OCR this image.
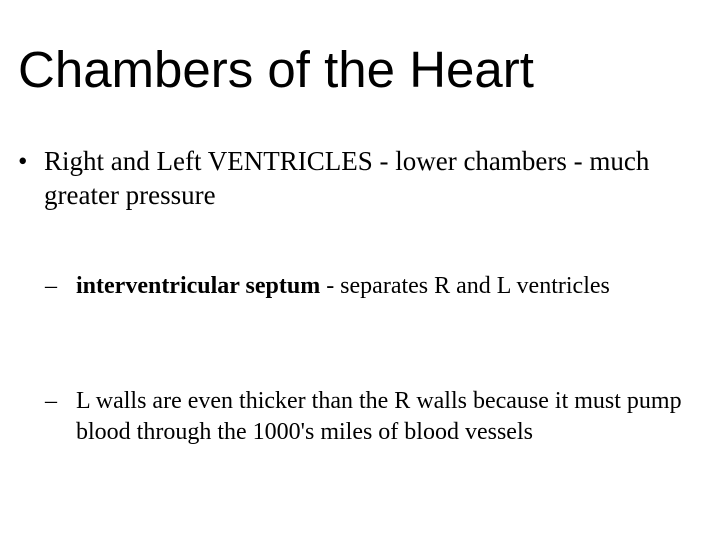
Chambers of the Heart
• Right and Left VENTRICLES - lower chambers - much greater pressure
– interventricular septum - separates R and L ventricles
– L walls are even thicker than the R walls because it must pump blood through the 1000's miles of blood vessels
